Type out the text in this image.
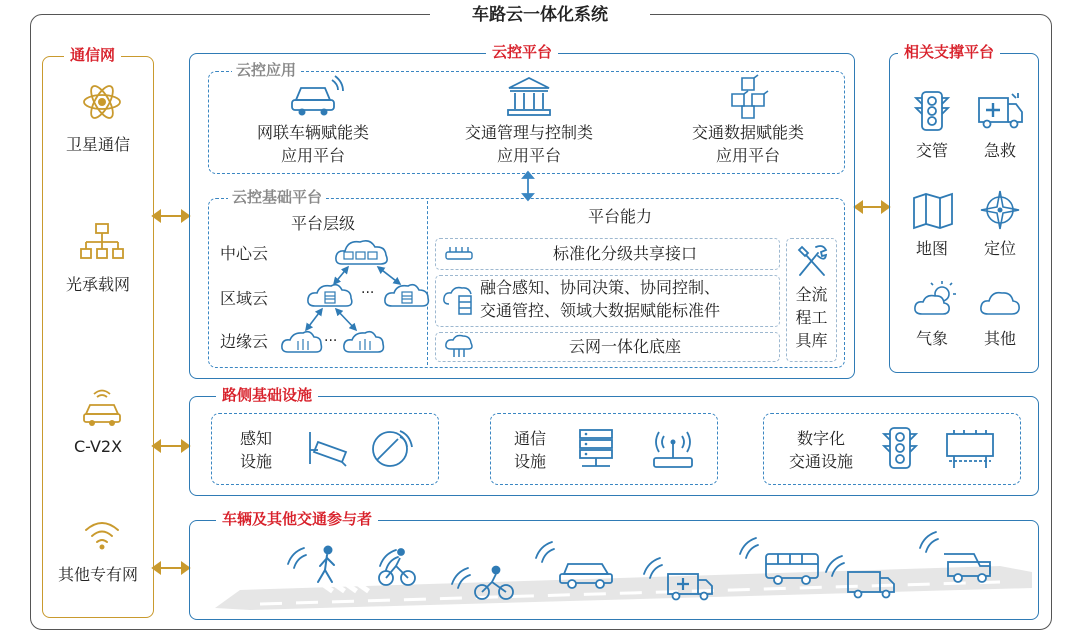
车路云一体化系统
通信网
卫星通信
光承载网
C-V2X
其他专有网
云控平台
云控应用
网联车辆赋能类
应用平台
交通管理与控制类
应用平台
交通数据赋能类
应用平台
云控基础平台
平台层级
中心云
区域云
边缘云
···
···
平台能力
标准化分级共享接口
融合感知、协同决策、协同控制、
交通管控、领域大数据赋能标准件
云网一体化底座
全流
程工
具库
相关支撑平台
交管	急救
地图	定位
气象	其他
路侧基础设施
感知
设施
通信
设施
数字化
交通设施
车辆及其他交通参与者
